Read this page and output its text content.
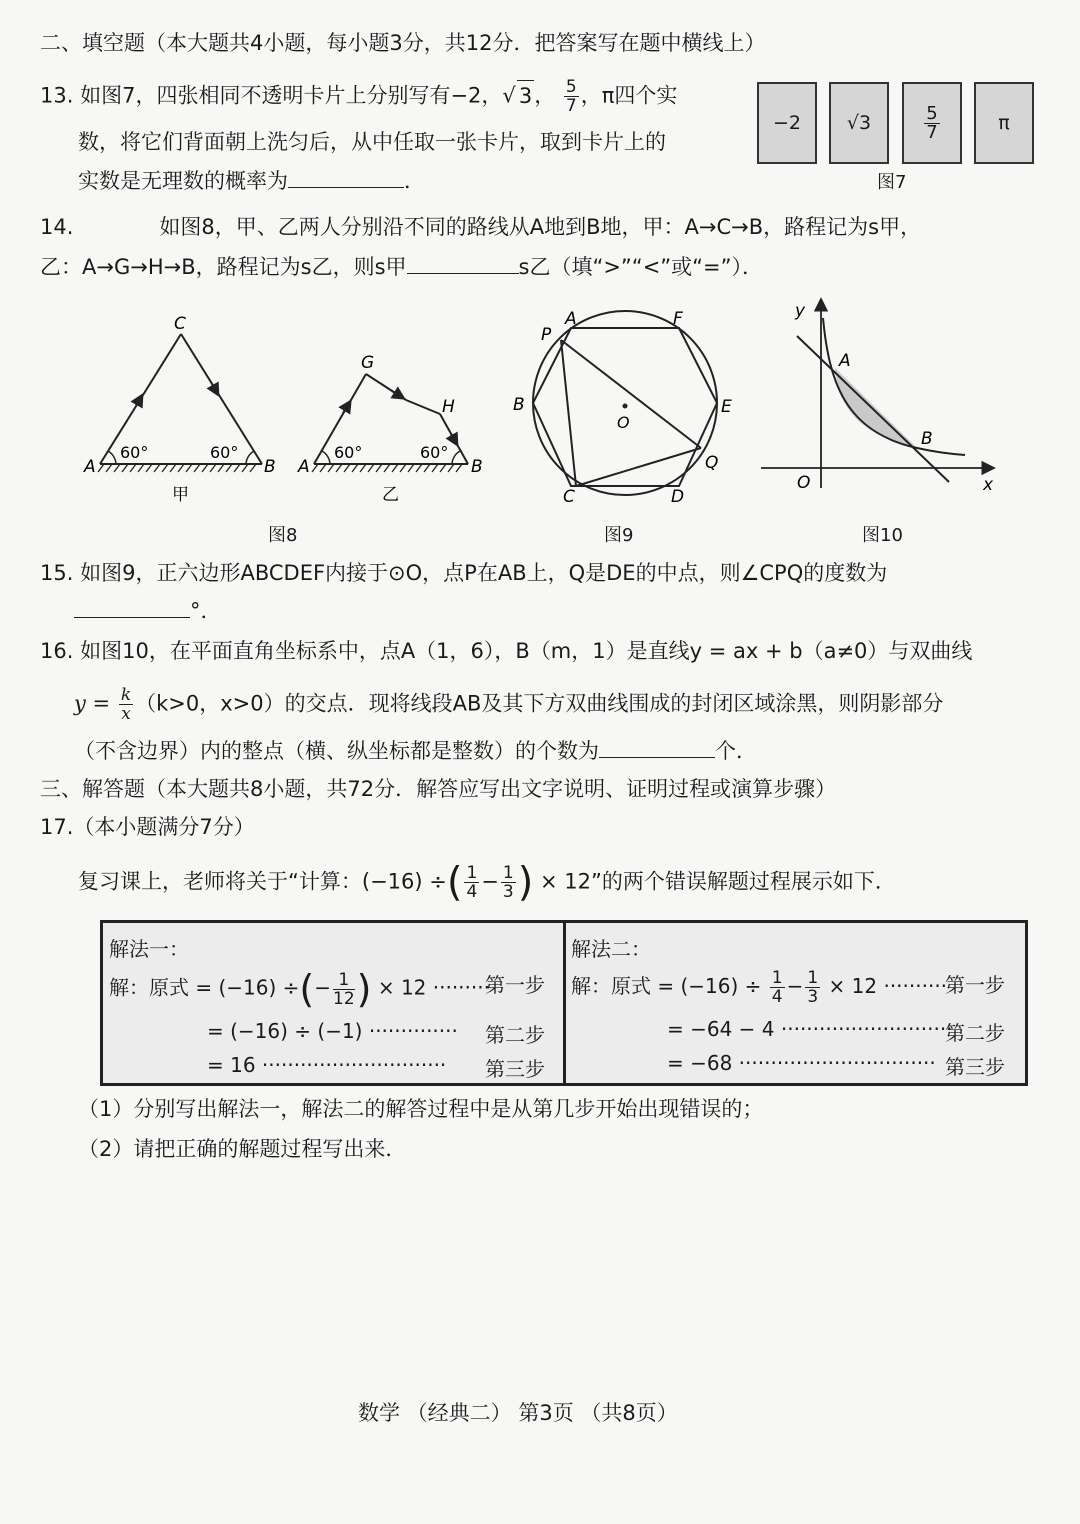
二、填空题（本大题共4小题，每小题3分，共12分．把答案写在题中横线上）
13. 如图7，四张相同不透明卡片上分别写有−2，√ 3， $\frac{5}{7}$ ，π四个实
数，将它们背面朝上洗匀后，从中任取一张卡片，取到卡片上的
实数是无理数的概率为	．
−2	√3	$\frac{5}{7}$	π
图7
14.	如图8，甲、乙两人分别沿不同的路线从A地到B地，甲：A→C→B，路程记为s甲，
乙：A→G→H→B，路程记为s乙，则s甲	s乙（填“>”“<”或“=”）．
A	B
C
60°	60°
甲
A	B
G
H
60°	60°
乙
图8
A	F
P
B	E
O
Q
C	D
图9
y
A
B
O	x
图10
15. 如图9，正六边形ABCDEF内接于⊙O，点P在AB上，Q是DE的中点，则∠CPQ的度数为
°．
16. 如图10，在平面直角坐标系中，点A（1，6），B（m，1）是直线y = ax + b（a≠0）与双曲线
$y = \frac{k}{x} (k>0$，x>0）的交点．现将线段AB及其下方双曲线围成的封闭区域涂黑，则阴影部分
（不含边界）内的整点（横、纵坐标都是整数）的个数为	个．
三、解答题（本大题共8小题，共72分．解答应写出文字说明、证明过程或演算步骤）
17.（本小题满分7分）
复习课上，老师将关于“计算：(−16) ÷( $\frac{1}{4} - \frac{1}{3}$ ) × 12”的两个错误解题过程展示如下．
解法一：
解：原式 = (−16) ÷(− $\frac{1}{12}$ ) × 12 ·········
第一步
= (−16) ÷ (−1) ·············· 第二步
= 16 ····························· 第三步
解法二：
解：原式 = $(-16) \div \frac{1}{4} - \frac{1}{3} \times 12$ ··········
第一步
= −64 − 4 ···························
第二步
= −68 ······························· 第三步
（1）分别写出解法一，解法二的解答过程中是从第几步开始出现错误的；
（2）请把正确的解题过程写出来．
数学 （经典二） 第3页 （共8页）
